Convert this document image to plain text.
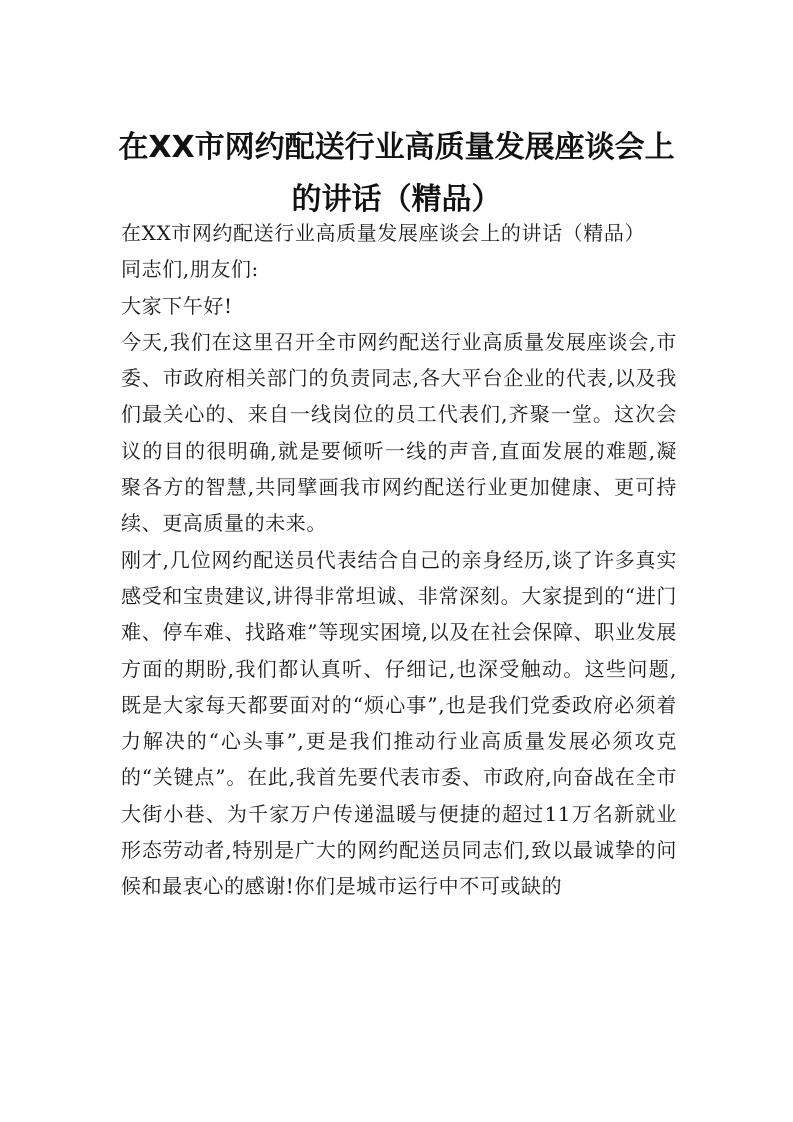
在XX市网约配送行业高质量发展座谈会上
的讲话（精品）

在XX市网约配送行业高质量发展座谈会上的讲话（精品）

同志们,朋友们:

大家下午好!

今天,我们在这里召开全市网约配送行业高质量发展座谈会,市委、市政府相关部门的负责同志,各大平台企业的代表,以及我们最关心的、来自一线岗位的员工代表们,齐聚一堂。这次会议的目的很明确,就是要倾听一线的声音,直面发展的难题,凝聚各方的智慧,共同擘画我市网约配送行业更加健康、更可持续、更高质量的未来。

刚才,几位网约配送员代表结合自己的亲身经历,谈了许多真实感受和宝贵建议,讲得非常坦诚、非常深刻。大家提到的“进门难、停车难、找路难”等现实困境,以及在社会保障、职业发展方面的期盼,我们都认真听、仔细记,也深受触动。这些问题,既是大家每天都要面对的“烦心事”,也是我们党委政府必须着力解决的“心头事”,更是我们推动行业高质量发展必须攻克的“关键点”。在此,我首先要代表市委、市政府,向奋战在全市大街小巷、为千家万户传递温暖与便捷的超过11万名新就业形态劳动者,特别是广大的网约配送员同志们,致以最诚挚的问候和最衷心的感谢!你们是城市运行中不可或缺的
